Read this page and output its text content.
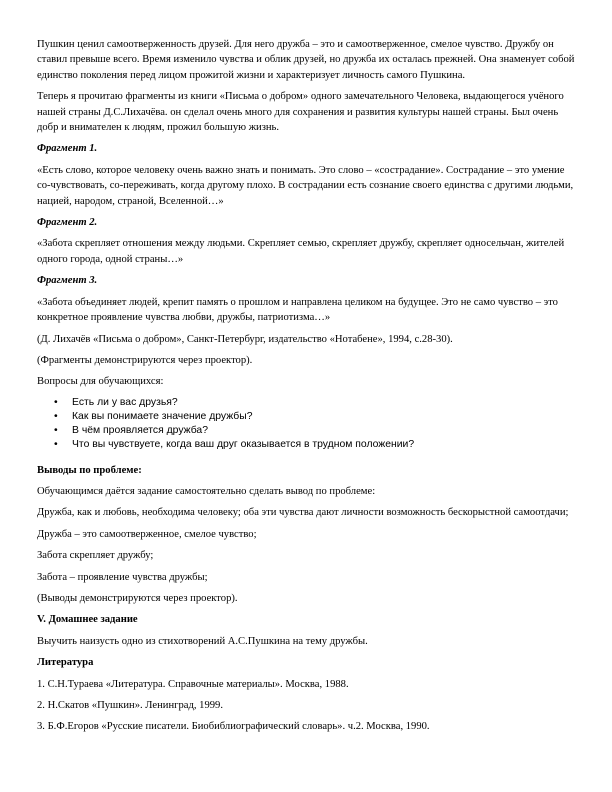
Пушкин ценил самоотверженность друзей. Для него дружба – это и самоотверженное, смелое чувство. Дружбу он ставил превыше всего. Время изменило чувства и облик друзей, но дружба их осталась прежней. Она знаменует собой единство поколения перед лицом прожитой жизни и характеризует личность самого Пушкина.

Теперь я прочитаю фрагменты из книги «Письма о добром» одного замечательного Человека, выдающегося учёного нашей страны Д.С.Лихачёва. он сделал очень много для сохранения и развития культуры нашей страны. Был очень добр и внимателен к людям, прожил большую жизнь.

Фрагмент 1.

«Есть слово, которое человеку очень важно знать и понимать. Это слово – «сострадание». Сострадание – это умение со-чувствовать, со-переживать, когда другому плохо. В сострадании есть сознание своего единства с другими людьми, нацией, народом, страной, Вселенной…»

Фрагмент 2.

«Забота скрепляет отношения между людьми. Скрепляет семью, скрепляет дружбу, скрепляет односельчан, жителей одного города, одной страны…»

Фрагмент 3.

«Забота объединяет людей, крепит память о прошлом и направлена целиком на будущее. Это не само чувство – это конкретное проявление чувства любви, дружбы, патриотизма…»

(Д. Лихачёв «Письма о добром», Санкт-Петербург, издательство «Нотабене», 1994, с.28-30).

(Фрагменты демонстрируются через проектор).

Вопросы для обучающихся:

• Есть ли у вас друзья?
• Как вы понимаете значение дружбы?
• В чём проявляется дружба?
• Что вы чувствуете, когда ваш друг оказывается в трудном положении?

Выводы по проблеме:

Обучающимся даётся задание самостоятельно сделать вывод по проблеме:

Дружба, как и любовь, необходима человеку; оба эти чувства дают личности возможность бескорыстной самоотдачи;

Дружба – это самоотверженное, смелое чувство;

Забота скрепляет дружбу;

Забота – проявление чувства дружбы;

(Выводы демонстрируются через проектор).

V. Домашнее задание

Выучить наизусть одно из стихотворений А.С.Пушкина на тему дружбы.

Литература

1. С.Н.Тураева «Литература. Справочные материалы». Москва, 1988.

2. Н.Скатов «Пушкин». Ленинград, 1999.

3. Б.Ф.Егоров «Русские писатели. Биобиблиографический словарь». ч.2. Москва, 1990.
